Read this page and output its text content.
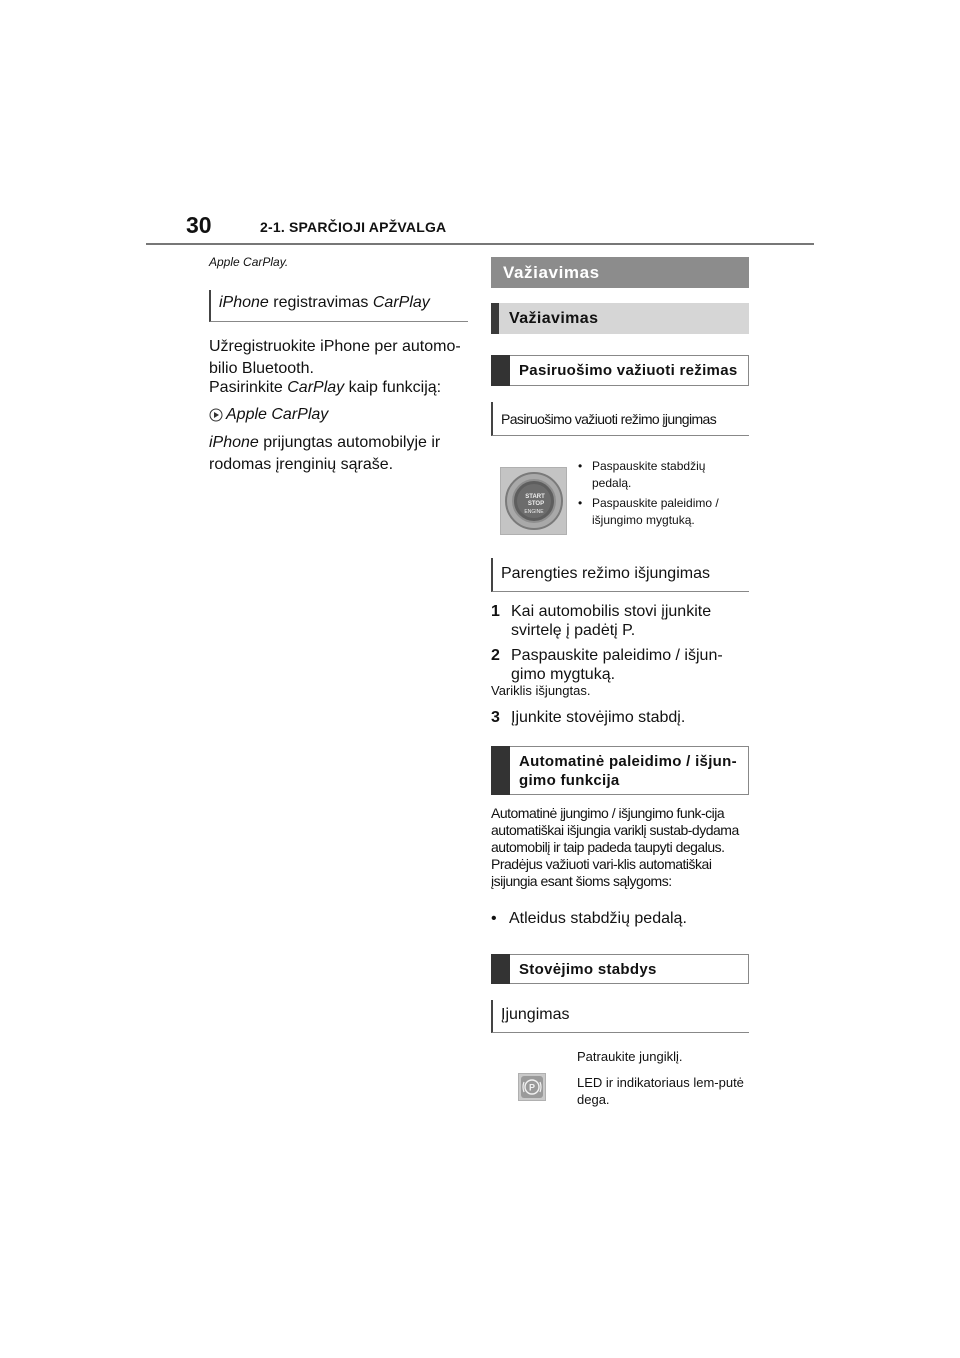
30	2-1. SPARČIOJI APŽVALGA
Apple CarPlay.
iPhone registravimas CarPlay
Užregistruokite iPhone per automo-bilio Bluetooth.
Pasirinkite CarPlay kaip funkciją:
Apple CarPlay
iPhone prijungtas automobilyje ir rodomas įrenginių sąraše.
Važiavimas
Važiavimas
Pasiruošimo važiuoti režimas
Pasiruošimo važiuoti režimo įjungimas
START
STOP
ENGINE
• Paspauskite stabdžių pedalą.
• Paspauskite paleidimo / išjungimo mygtuką.
Parengties režimo išjungimas
1 Kai automobilis stovi įjunkite svirtelę į padėtį P.
2 Paspauskite paleidimo / išjun-gimo mygtuką.
Variklis išjungtas.
3 Įjunkite stovėjimo stabdį.
Automatinė paleidimo / išjun-gimo funkcija
Automatinė įjungimo / išjungimo funk-cija automatiškai išjungia variklį sustab-dydama automobilį ir taip padeda taupyti degalus. Pradėjus važiuoti vari-klis automatiškai įsijungia esant šioms sąlygoms:
• Atleidus stabdžių pedalą.
Stovėjimo stabdys
Įjungimas
Patraukite jungiklį.
LED ir indikatoriaus lem-putė dega.
P
